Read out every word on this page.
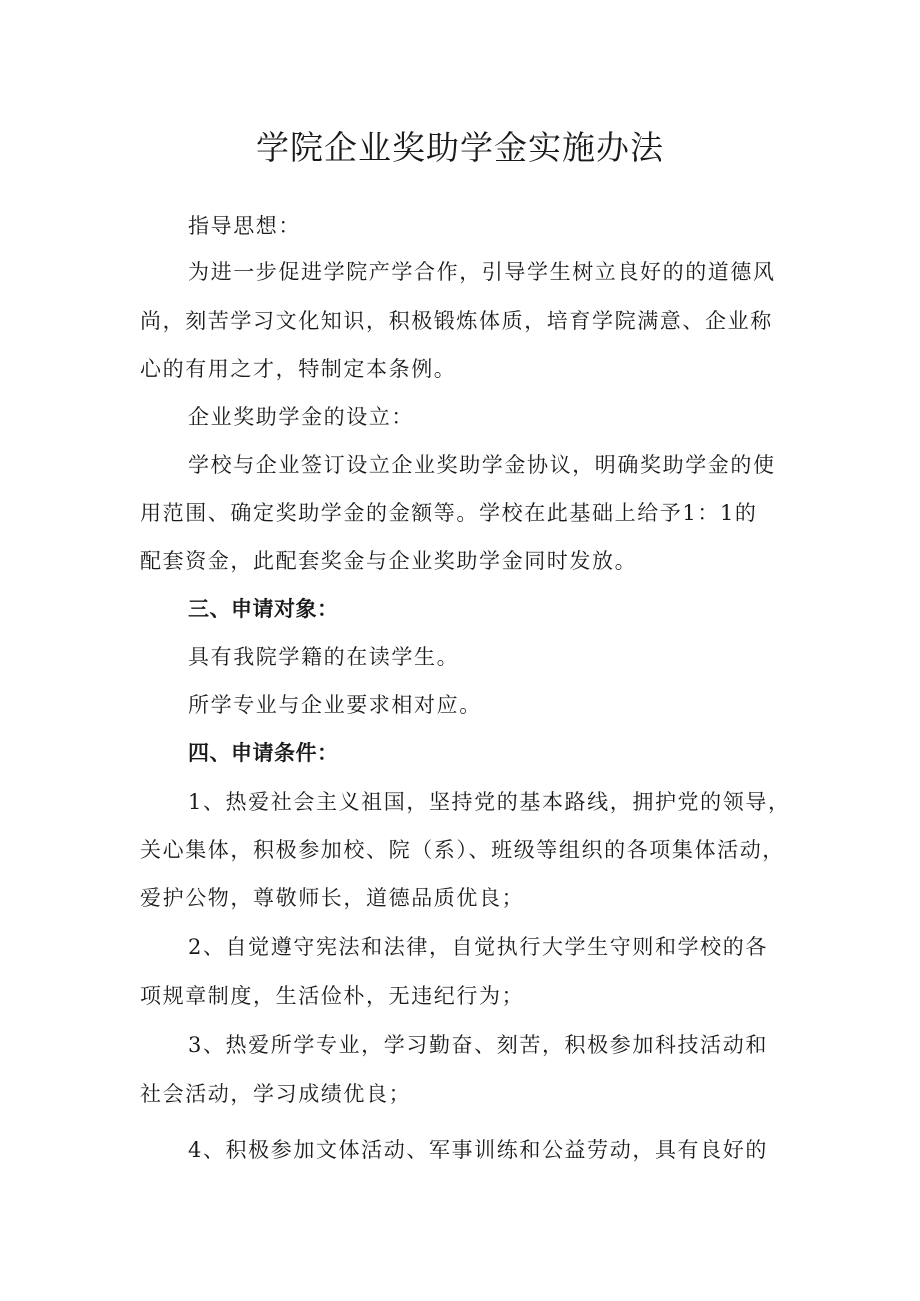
学院企业奖助学金实施办法
指导思想：
为进一步促进学院产学合作，引导学生树立良好的的道德风
尚，刻苦学习文化知识，积极锻炼体质，培育学院满意、企业称
心的有用之才，特制定本条例。
企业奖助学金的设立：
学校与企业签订设立企业奖助学金协议，明确奖助学金的使
用范围、确定奖助学金的金额等。学校在此基础上给予1：1的
配套资金，此配套奖金与企业奖助学金同时发放。
三、申请对象：
具有我院学籍的在读学生。
所学专业与企业要求相对应。
四、申请条件：
1、热爱社会主义祖国，坚持党的基本路线，拥护党的领导，
关心集体，积极参加校、院（系）、班级等组织的各项集体活动，
爱护公物，尊敬师长，道德品质优良；
2、自觉遵守宪法和法律，自觉执行大学生守则和学校的各
项规章制度，生活俭朴，无违纪行为；
3、热爱所学专业，学习勤奋、刻苦，积极参加科技活动和
社会活动，学习成绩优良；
4、积极参加文体活动、军事训练和公益劳动，具有良好的
